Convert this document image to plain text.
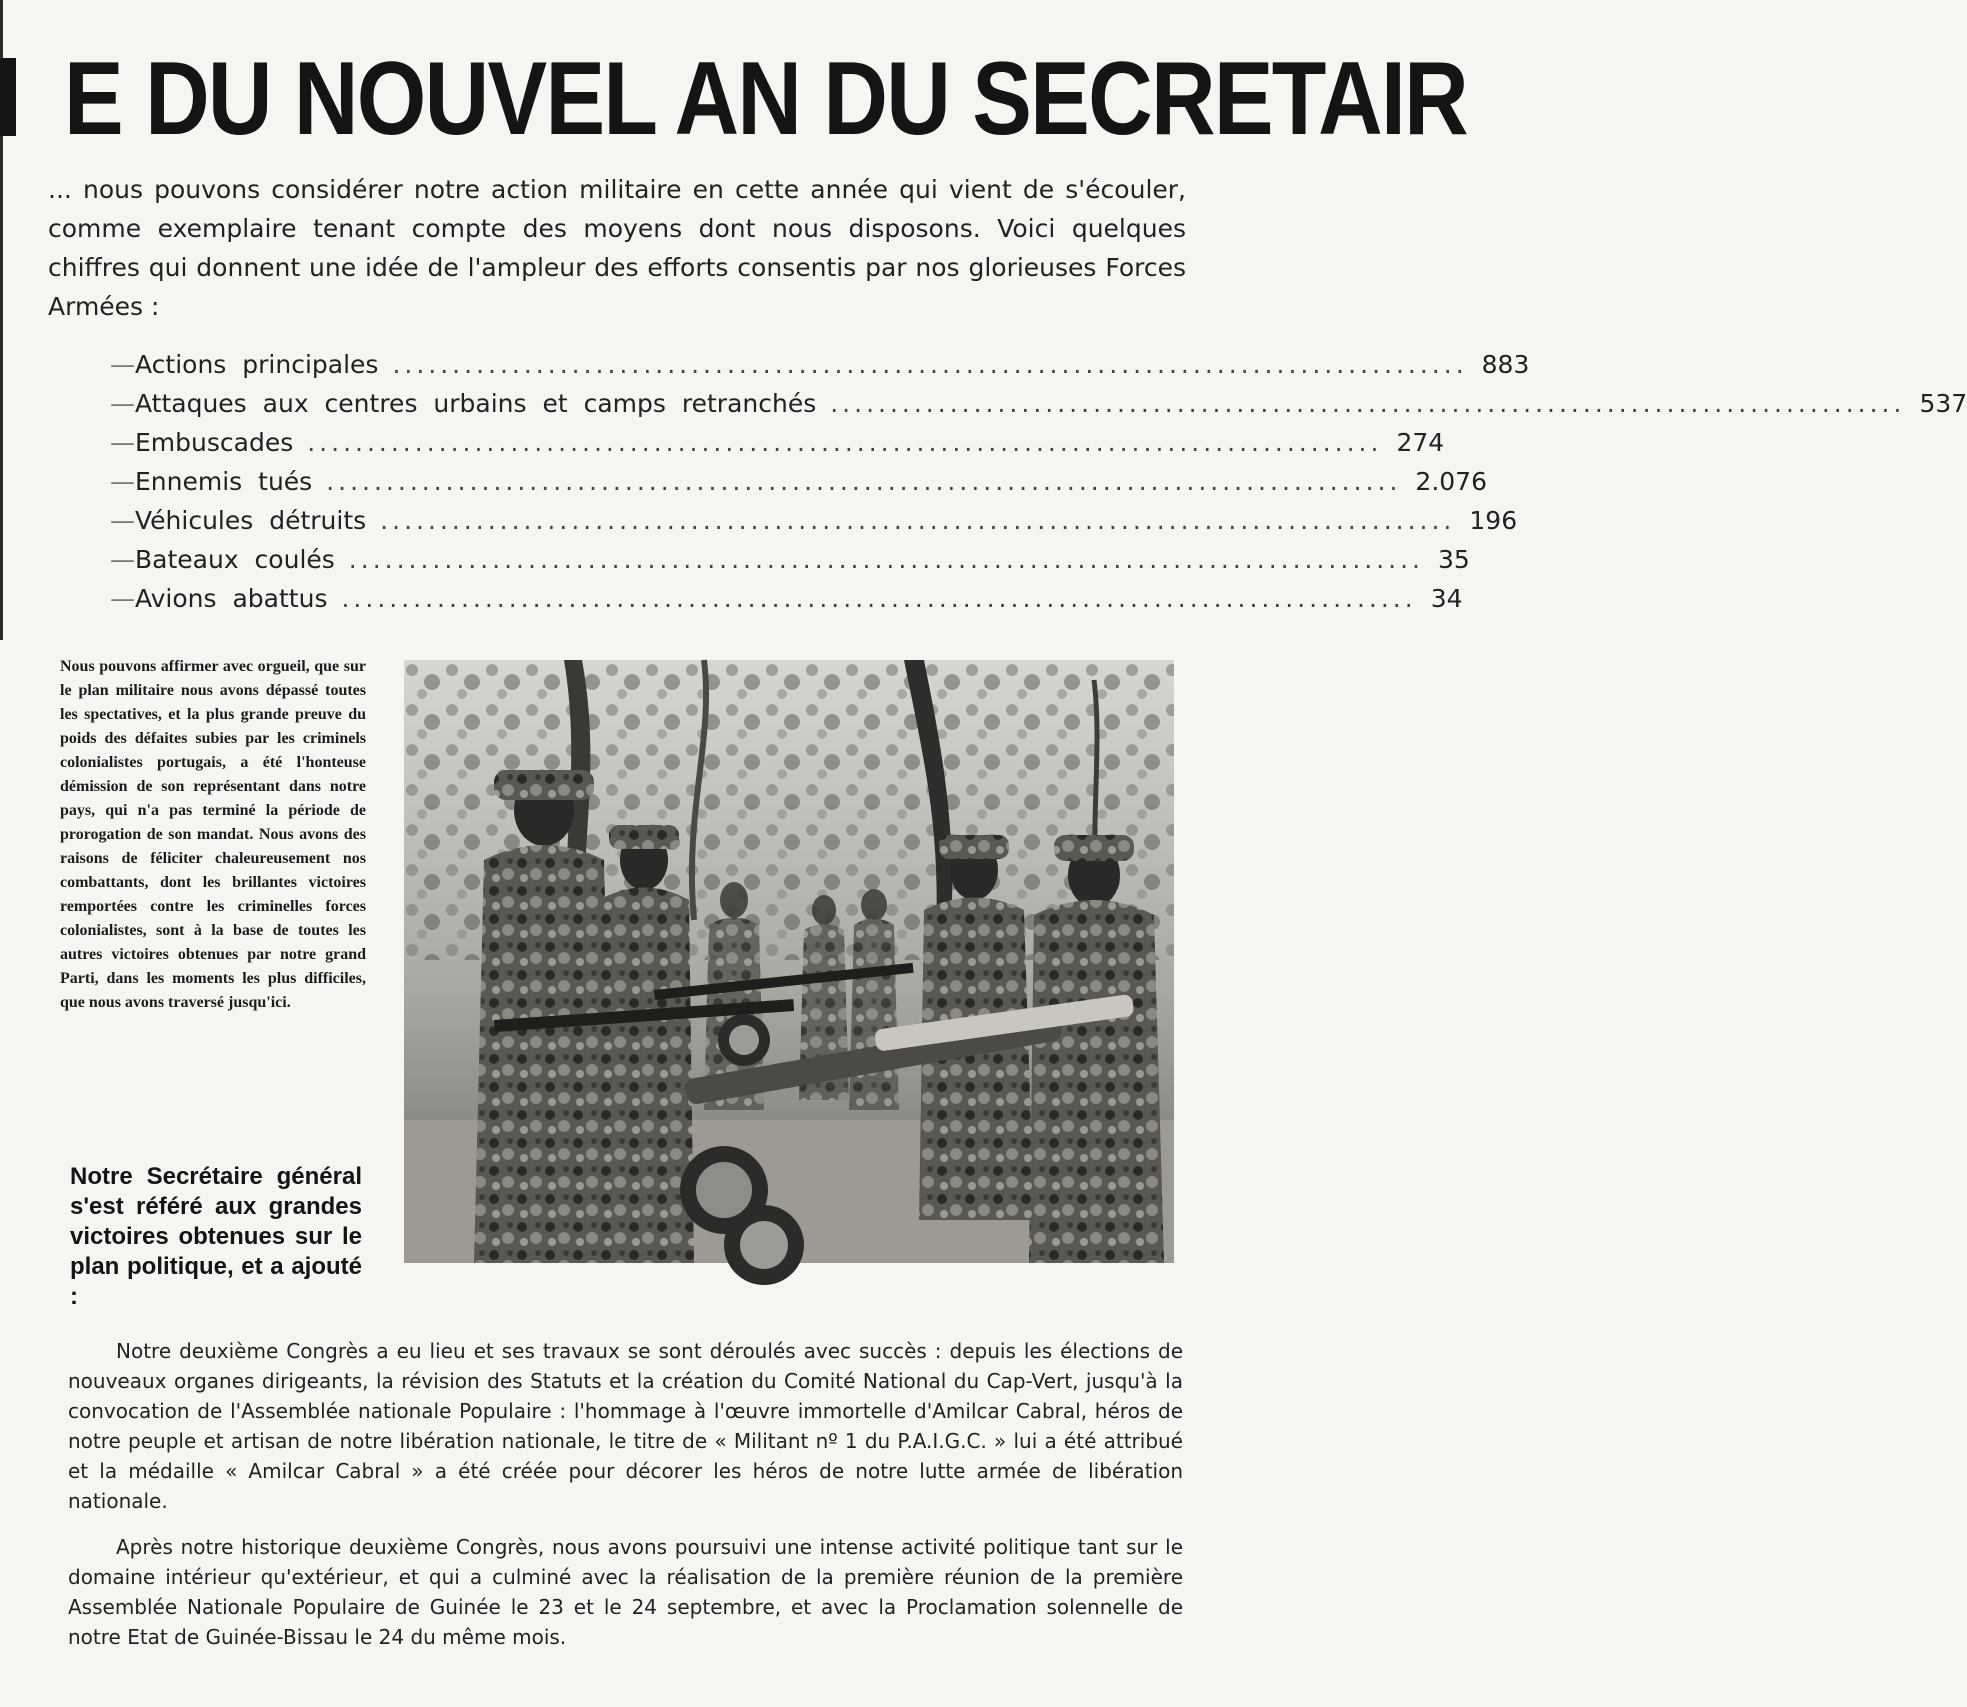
E DU NOUVEL AN DU SECRETAIR

... nous pouvons considérer notre action militaire en cette année qui vient de s'écouler, comme exemplaire tenant compte des moyens dont nous disposons. Voici quelques chiffres qui donnent une idée de l'ampleur des efforts consentis par nos glorieuses Forces Armées :

— Actions principales .......................................................................................... 883
— Attaques aux centres urbains et camps retranchés .......................................................................................... 537
— Embuscades .......................................................................................... 274
— Ennemis tués .......................................................................................... 2.076
— Véhicules détruits .......................................................................................... 196
— Bateaux coulés .......................................................................................... 35
— Avions abattus .......................................................................................... 34

Nous pouvons affirmer avec orgueil, que sur le plan militaire nous avons dépassé toutes les spectatives, et la plus grande preuve du poids des défaites subies par les criminels colonialistes portugais, a été l'honteuse démission de son représentant dans notre pays, qui n'a pas terminé la période de prorogation de son mandat. Nous avons des raisons de féliciter chaleureusement nos combattants, dont les brillantes victoires remportées contre les criminelles forces colonialistes, sont à la base de toutes les autres victoires obtenues par notre grand Parti, dans les moments les plus difficiles, que nous avons traversé jusqu'ici.

Notre Secrétaire général s'est référé aux grandes victoires obtenues sur le plan politique, et a ajouté :

Notre deuxième Congrès a eu lieu et ses travaux se sont déroulés avec succès : depuis les élections de nouveaux organes dirigeants, la révision des Statuts et la création du Comité National du Cap-Vert, jusqu'à la convocation de l'Assemblée nationale Populaire : l'hommage à l'œuvre immortelle d'Amilcar Cabral, héros de notre peuple et artisan de notre libération nationale, le titre de « Militant nº 1 du P.A.I.G.C. » lui a été attribué et la médaille « Amilcar Cabral » a été créée pour décorer les héros de notre lutte armée de libération nationale.

Après notre historique deuxième Congrès, nous avons poursuivi une intense activité politique tant sur le domaine intérieur qu'extérieur, et qui a culminé avec la réalisation de la première réunion de la première Assemblée Nationale Populaire de Guinée le 23 et le 24 septembre, et avec la Proclamation solennelle de notre Etat de Guinée-Bissau le 24 du même mois.
